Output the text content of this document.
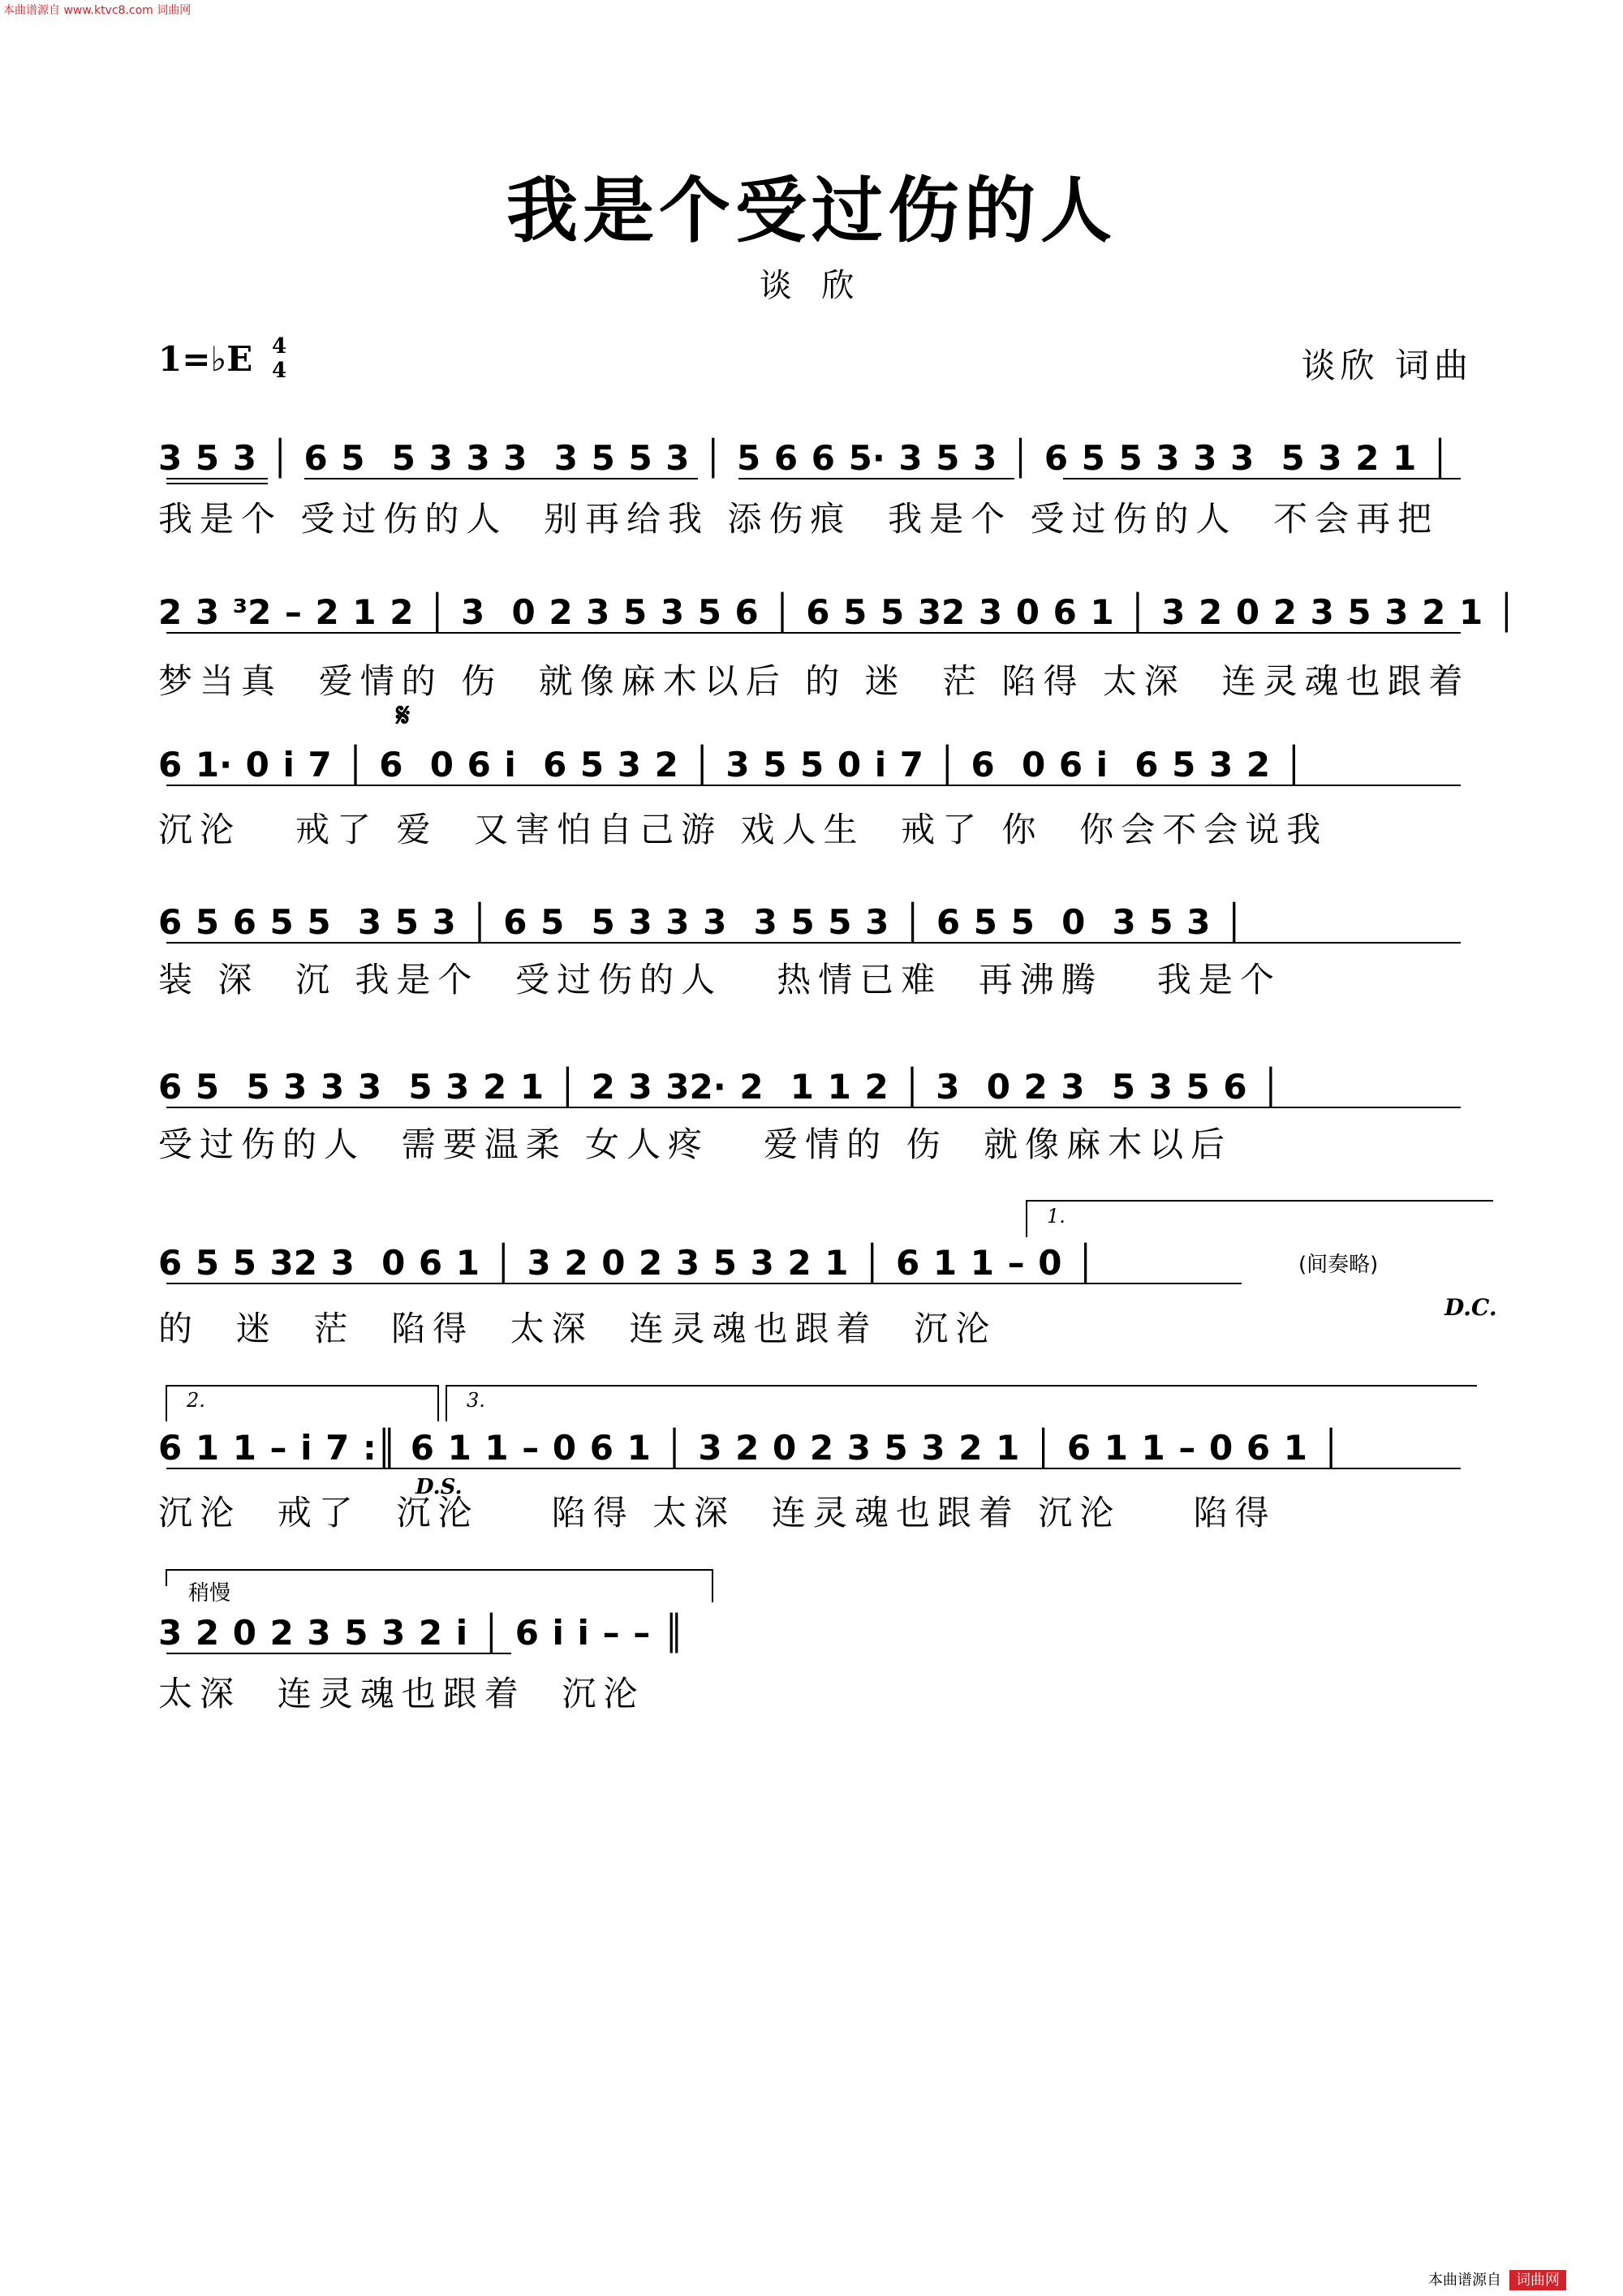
本曲谱源自 www.ktvc8.com 词曲网
我是个受过伤的人
谈 欣
1=♭E 4
4	谈欣 词曲
3 5 3 │ 6 5  5 3 3 3  3 5 5 3 │ 5 6 6 5· 3 5 3 │ 6 5 5 3 3 3  5 3 2 1 │
我是个 受过伤的人  别再给我 添伤痕  我是个 受过伤的人  不会再把
2 3 ³2 – 2 1 2 │ 3  0 2 3 5 3 5 6 │ 6 5 5 32 3 0 6 1 │ 3 2 0 2 3 5 3 2 1 │
梦当真  爱情的 伤  就像麻木以后 的 迷  茫 陷得 太深  连灵魂也跟着
𝄋
6 1· 0 i 7 │ 6  0 6 i  6 5 3 2 │ 3 5 5 0 i 7 │ 6  0 6 i  6 5 3 2 │
沉沦   戒了 爱  又害怕自己游 戏人生  戒了 你  你会不会说我
6 5 6 5 5  3 5 3 │ 6 5  5 3 3 3  3 5 5 3 │ 6 5 5  0  3 5 3 │
装 深  沉 我是个  受过伤的人   热情已难  再沸腾   我是个
6 5  5 3 3 3  5 3 2 1 │ 2 3 32· 2  1 1 2 │ 3  0 2 3  5 3 5 6 │
受过伤的人  需要温柔 女人疼   爱情的 伤  就像麻木以后
1.
6 5 5 32 3  0 6 1 │ 3 2 0 2 3 5 3 2 1 │ 6 1 1 – 0 │	(间奏略)
D.C.
的  迷  茫  陷得  太深  连灵魂也跟着  沉沦
2.	3.
6 1 1 – i 7 :║ 6 1 1 – 0 6 1 │ 3 2 0 2 3 5 3 2 1 │ 6 1 1 – 0 6 1 │
D.S.
沉沦  戒了  沉沦    陷得 太深  连灵魂也跟着 沉沦    陷得
稍慢
3 2 0 2 3 5 3 2 i │ 6 i i – – ║
太深  连灵魂也跟着  沉沦
本曲谱源自 词曲网
